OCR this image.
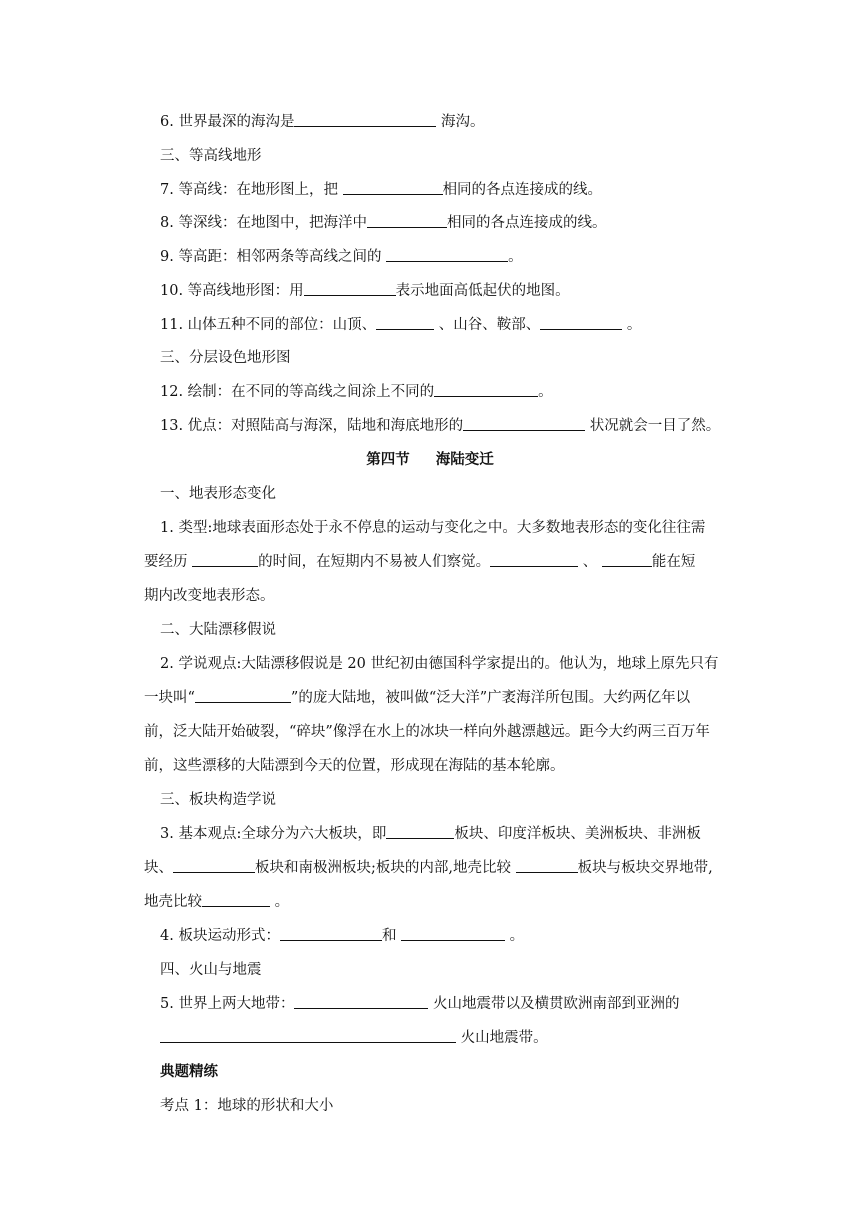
6. 世界最深的海沟是	海沟。
三、等高线地形
7. 等高线：在地形图上，把	相同的各点连接成的线。
8. 等深线：在地图中，把海洋中	相同的各点连接成的线。
9. 等高距：相邻两条等高线之间的	。
10. 等高线地形图：用	表示地面高低起伏的地图。
11. 山体五种不同的部位：山顶、	、山谷、鞍部、	。
三、分层设色地形图
12. 绘制：在不同的等高线之间涂上不同的	。
13. 优点：对照陆高与海深，陆地和海底地形的	状况就会一目了然。
第四节 海陆变迁
一、地表形态变化
1. 类型:地球表面形态处于永不停息的运动与变化之中。大多数地表形态的变化往往需
要经历	的时间，在短期内不易被人们察觉。	、	能在短
期内改变地表形态。
二、大陆漂移假说
2. 学说观点:大陆漂移假说是 20 世纪初由德国科学家提出的。他认为，地球上原先只有
一块叫“	”的庞大陆地，被叫做“泛大洋”广袤海洋所包围。大约两亿年以
前，泛大陆开始破裂，“碎块”像浮在水上的冰块一样向外越漂越远。距今大约两三百万年
前，这些漂移的大陆漂到今天的位置，形成现在海陆的基本轮廓。
三、板块构造学说
3. 基本观点:全球分为六大板块，即	板块、印度洋板块、美洲板块、非洲板
块、	板块和南极洲板块;板块的内部,地壳比较	板块与板块交界地带,
地壳比较	。
4. 板块运动形式：	和	。
四、火山与地震
5. 世界上两大地带：	火山地震带以及横贯欧洲南部到亚洲的
火山地震带。
典题精练
考点 1：地球的形状和大小
